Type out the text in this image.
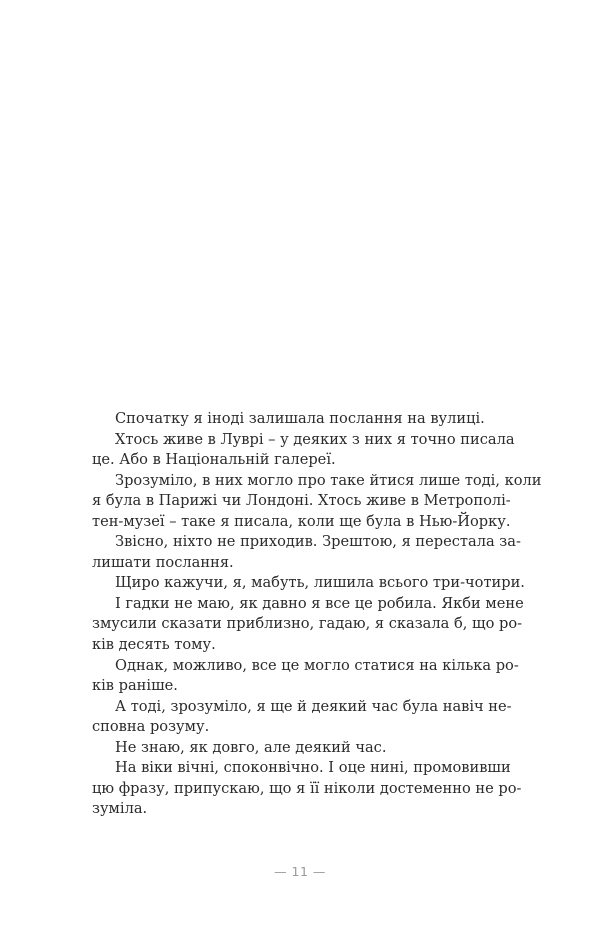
Спочатку я іноді залишала послання на вулиці.
Хтось живе в Луврі – у деяких з них я точно писала
це. Або в Національній галереї.
Зрозуміло, в них могло про таке йтися лише тоді, коли
я була в Парижі чи Лондоні. Хтось живе в Метрополі-
тен-музеї – таке я писала, коли ще була в Нью-Йорку.
Звісно, ніхто не приходив. Зрештою, я перестала за-
лишати послання.
Щиро кажучи, я, мабуть, лишила всього три-чотири.
І гадки не маю, як давно я все це робила. Якби мене
змусили сказати приблизно, гадаю, я сказала б, що ро-
ків десять тому.
Однак, можливо, все це могло статися на кілька ро-
ків раніше.
А тоді, зрозуміло, я ще й деякий час була навіч не-
сповна розуму.
Не знаю, як довго, але деякий час.
На віки вічні, споконвічно. І оце нині, промовивши
цю фразу, припускаю, що я її ніколи достеменно не ро-
зуміла.
— 11 —
